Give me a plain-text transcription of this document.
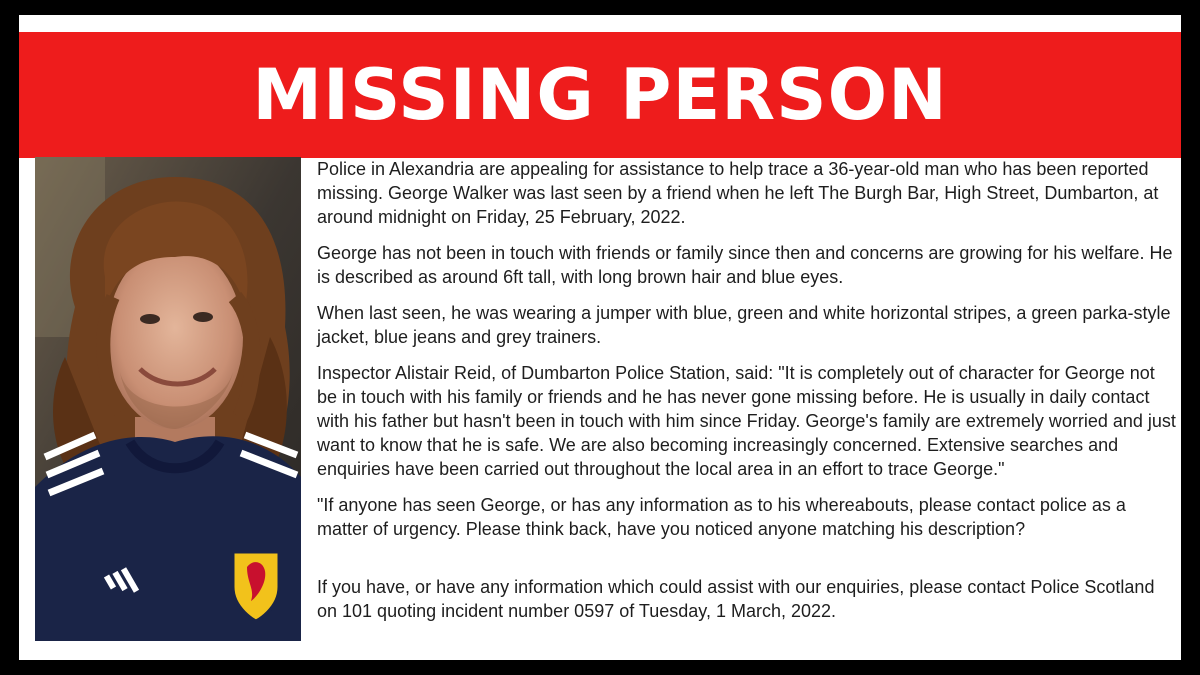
MISSING PERSON

Police in Alexandria are appealing for assistance to help trace a 36-year-old man who has been reported missing. George Walker was last seen by a friend when he left The Burgh Bar, High Street, Dumbarton, at around midnight on Friday, 25 February, 2022.

George has not been in touch with friends or family since then and concerns are growing for his welfare. He is described as around 6ft tall, with long brown hair and blue eyes.

When last seen, he was wearing a jumper with blue, green and white horizontal stripes, a green parka-style jacket, blue jeans and grey trainers.

Inspector Alistair Reid, of Dumbarton Police Station, said: "It is completely out of character for George not be in touch with his family or friends and he has never gone missing before. He is usually in daily contact with his father but hasn't been in touch with him since Friday. George's family are extremely worried and just want to know that he is safe. We are also becoming increasingly concerned. Extensive searches and enquiries have been carried out throughout the local area in an effort to trace George."

"If anyone has seen George, or has any information as to his whereabouts, please contact police as a matter of urgency. Please think back, have you noticed anyone matching his description?

If you have, or have any information which could assist with our enquiries, please contact Police Scotland on 101 quoting incident number 0597 of Tuesday, 1 March, 2022.
